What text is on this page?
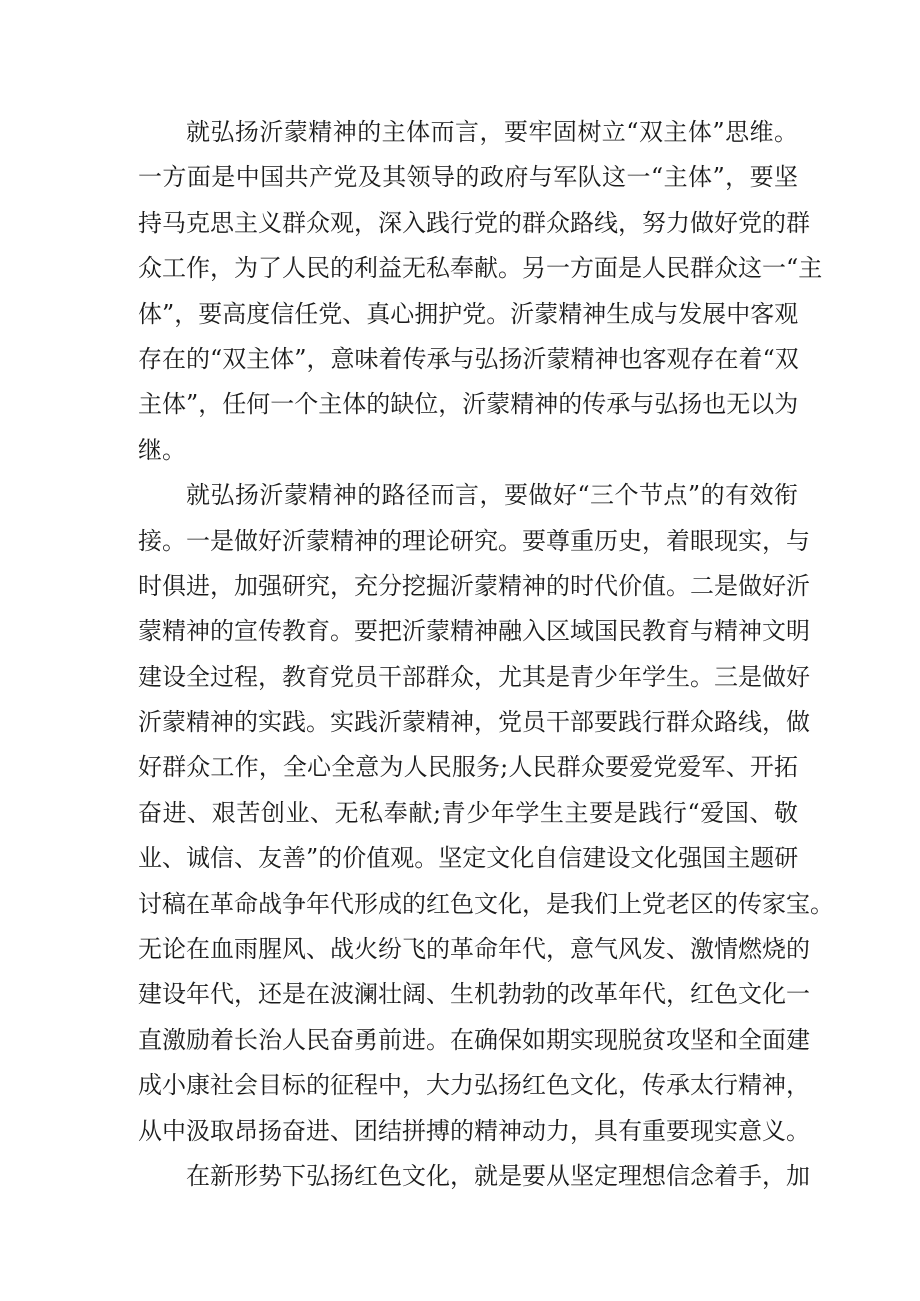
就弘扬沂蒙精神的主体而言，要牢固树立“双主体”思维。
一方面是中国共产党及其领导的政府与军队这一“主体”，要坚
持马克思主义群众观，深入践行党的群众路线，努力做好党的群
众工作，为了人民的利益无私奉献。另一方面是人民群众这一“主
体”，要高度信任党、真心拥护党。沂蒙精神生成与发展中客观
存在的“双主体”，意味着传承与弘扬沂蒙精神也客观存在着“双
主体”，任何一个主体的缺位，沂蒙精神的传承与弘扬也无以为
继。
就弘扬沂蒙精神的路径而言，要做好“三个节点”的有效衔
接。一是做好沂蒙精神的理论研究。要尊重历史，着眼现实，与
时俱进，加强研究，充分挖掘沂蒙精神的时代价值。二是做好沂
蒙精神的宣传教育。要把沂蒙精神融入区域国民教育与精神文明
建设全过程，教育党员干部群众，尤其是青少年学生。三是做好
沂蒙精神的实践。实践沂蒙精神，党员干部要践行群众路线，做
好群众工作，全心全意为人民服务;人民群众要爱党爱军、开拓
奋进、艰苦创业、无私奉献;青少年学生主要是践行“爱国、敬
业、诚信、友善”的价值观。坚定文化自信建设文化强国主题研
讨稿在革命战争年代形成的红色文化，是我们上党老区的传家宝。
无论在血雨腥风、战火纷飞的革命年代，意气风发、激情燃烧的
建设年代，还是在波澜壮阔、生机勃勃的改革年代，红色文化一
直激励着长治人民奋勇前进。在确保如期实现脱贫攻坚和全面建
成小康社会目标的征程中，大力弘扬红色文化，传承太行精神，
从中汲取昂扬奋进、团结拼搏的精神动力，具有重要现实意义。
在新形势下弘扬红色文化，就是要从坚定理想信念着手，加
